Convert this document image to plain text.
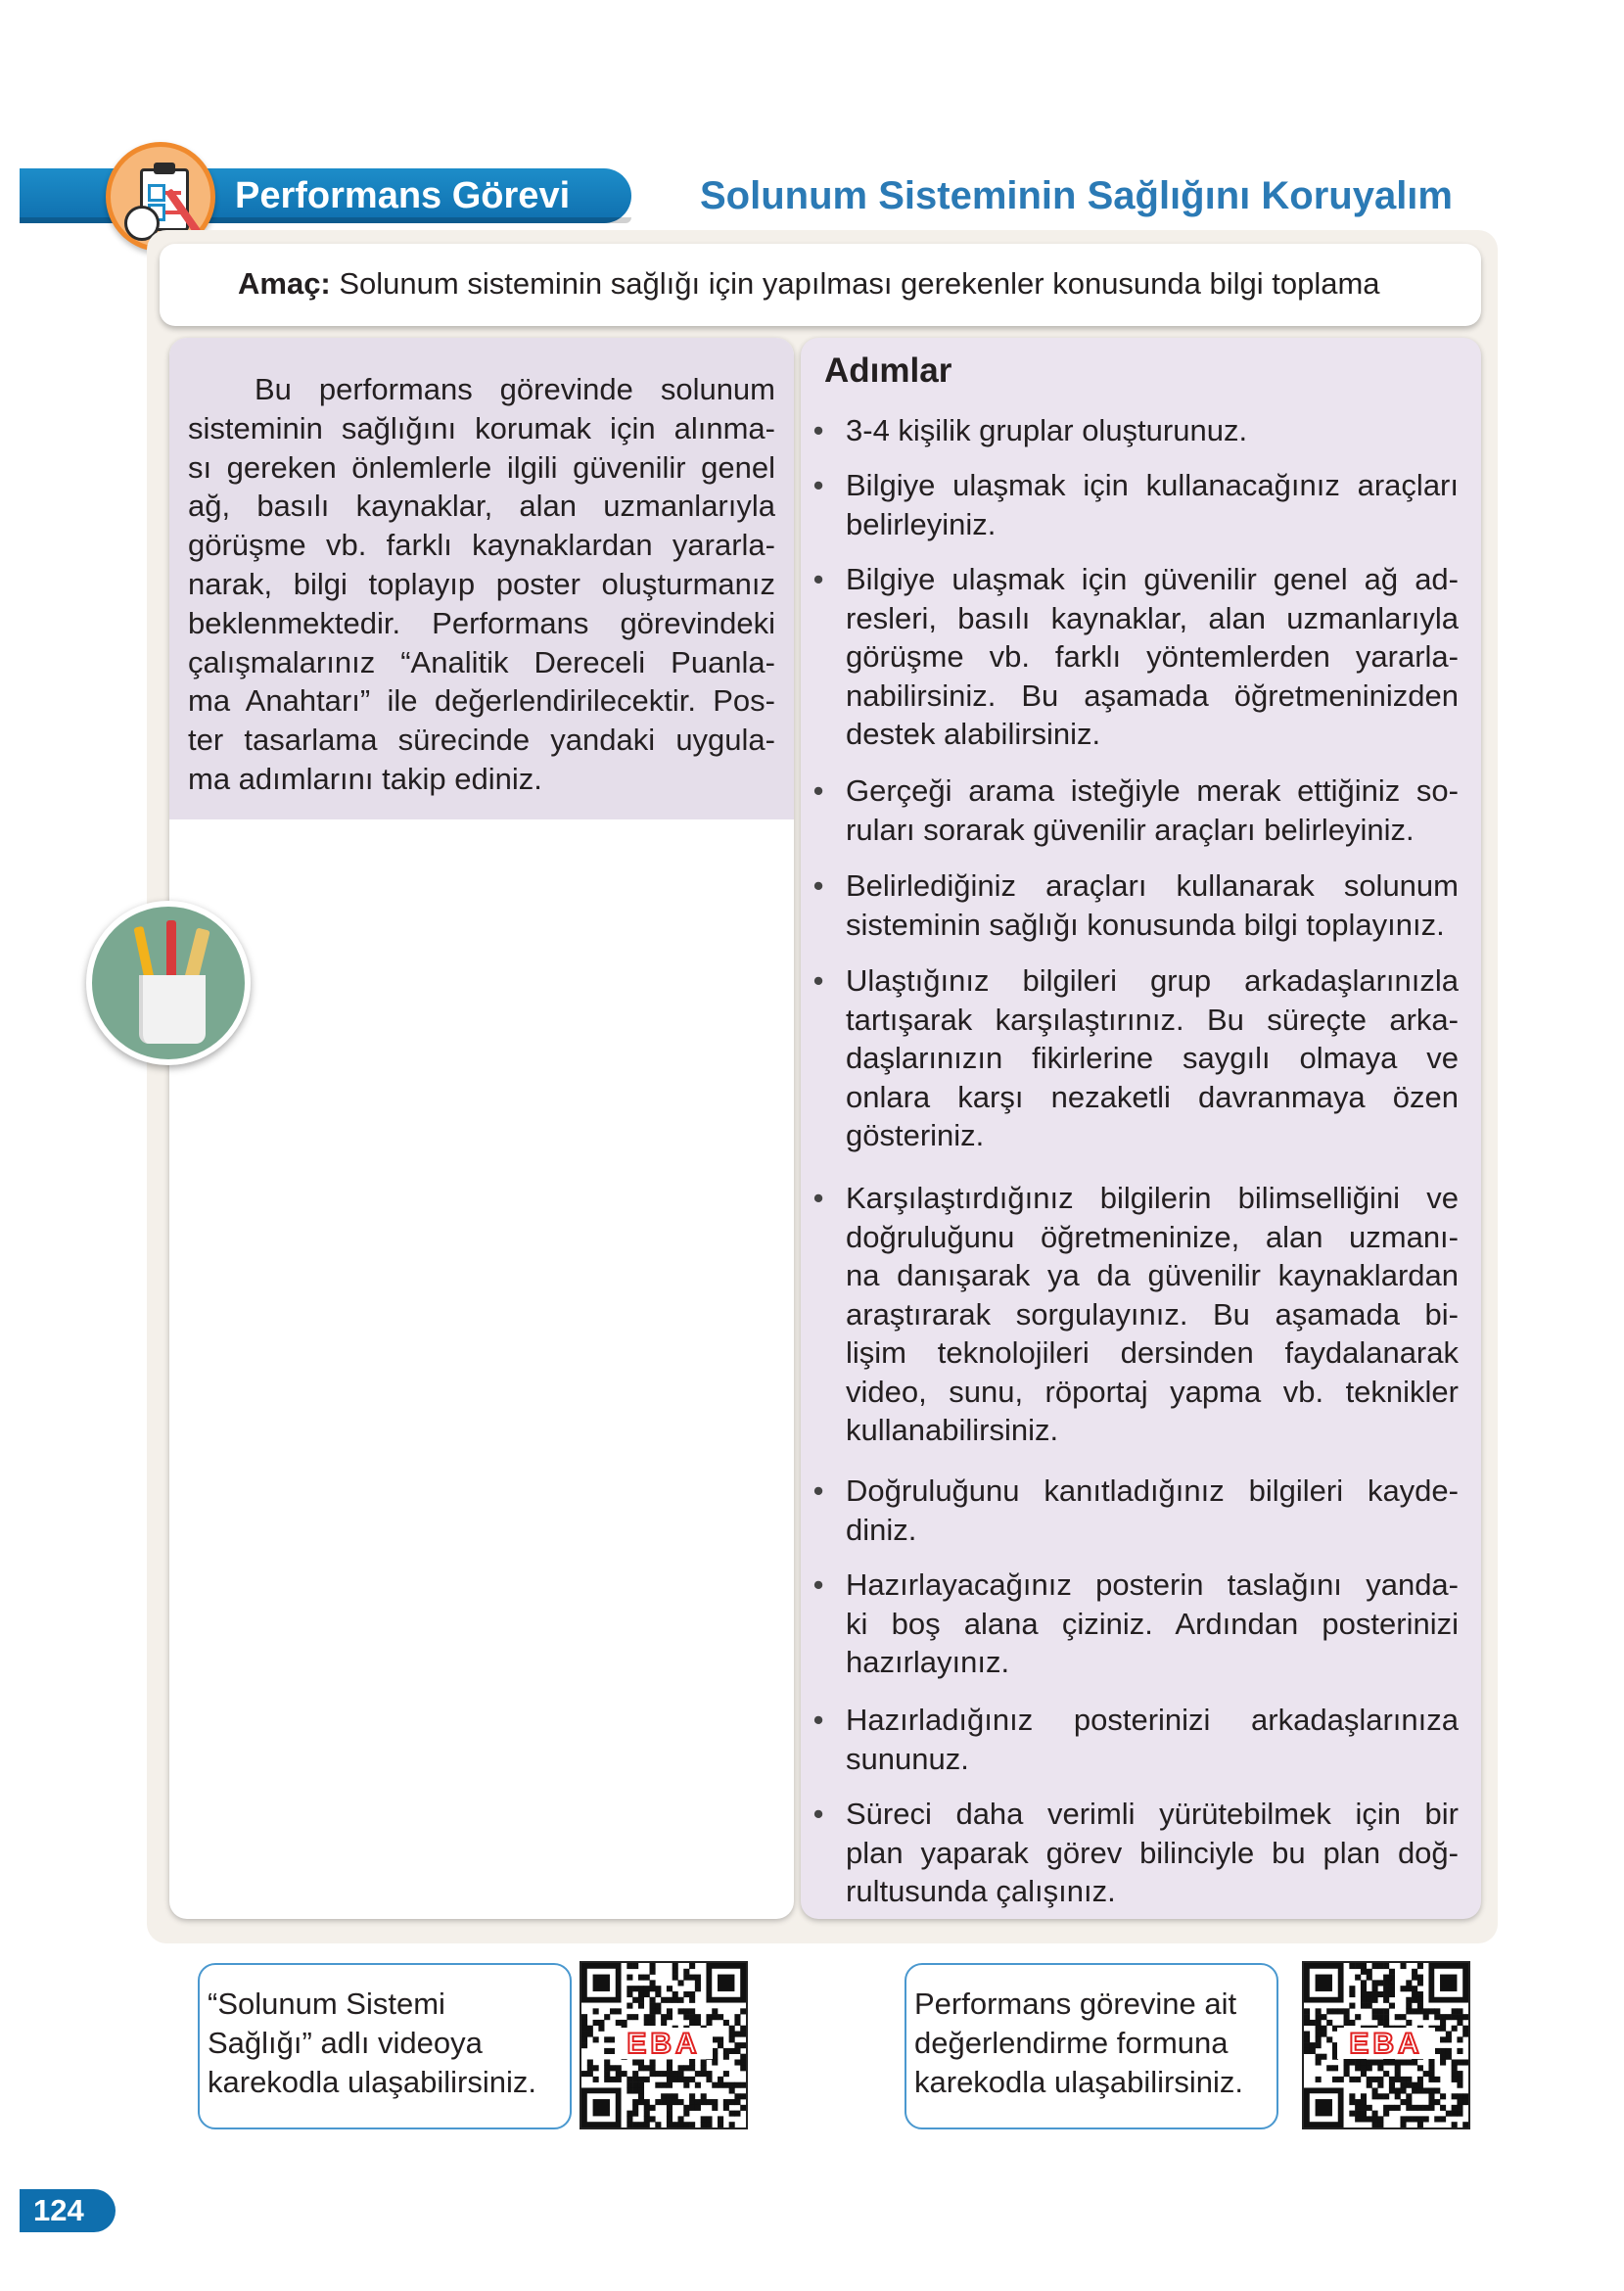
Performans Görevi	Solunum Sisteminin Sağlığını Koruyalım
Amaç: Solunum sisteminin sağlığı için yapılması gerekenler konusunda bilgi toplama
Bu performans görevinde solunum
sisteminin sağlığını korumak için alınma-
sı gereken önlemlerle ilgili güvenilir genel
ağ, basılı kaynaklar, alan uzmanlarıyla
görüşme vb. farklı kaynaklardan yararla-
narak, bilgi toplayıp poster oluşturmanız
beklenmektedir. Performans görevindeki
çalışmalarınız “Analitik Dereceli Puanla-
ma Anahtarı” ile değerlendirilecektir. Pos-
ter tasarlama sürecinde yandaki uygula-
ma adımlarını takip ediniz.
Adımlar
• 3-4 kişilik gruplar oluşturunuz.
• Bilgiye ulaşmak için kullanacağınız araçları
belirleyiniz.
• Bilgiye ulaşmak için güvenilir genel ağ ad-
resleri, basılı kaynaklar, alan uzmanlarıyla
görüşme vb. farklı yöntemlerden yararla-
nabilirsiniz. Bu aşamada öğretmeninizden
destek alabilirsiniz.
• Gerçeği arama isteğiyle merak ettiğiniz so-
ruları sorarak güvenilir araçları belirleyiniz.
• Belirlediğiniz araçları kullanarak solunum
sisteminin sağlığı konusunda bilgi toplayınız.
• Ulaştığınız bilgileri grup arkadaşlarınızla
tartışarak karşılaştırınız. Bu süreçte arka-
daşlarınızın fikirlerine saygılı olmaya ve
onlara karşı nezaketli davranmaya özen
gösteriniz.
• Karşılaştırdığınız bilgilerin bilimselliğini ve
doğruluğunu öğretmeninize, alan uzmanı-
na danışarak ya da güvenilir kaynaklardan
araştırarak sorgulayınız. Bu aşamada bi-
lişim teknolojileri dersinden faydalanarak
video, sunu, röportaj yapma vb. teknikler
kullanabilirsiniz.
• Doğruluğunu kanıtladığınız bilgileri kayde-
diniz.
• Hazırlayacağınız posterin taslağını yanda-
ki boş alana çiziniz. Ardından posterinizi
hazırlayınız.
• Hazırladığınız posterinizi arkadaşlarınıza
sununuz.
• Süreci daha verimli yürütebilmek için bir
plan yaparak görev bilinciyle bu plan doğ-
rultusunda çalışınız.
“Solunum Sistemi
Sağlığı” adlı videoya
karekodla ulaşabilirsiniz.
EBA
Performans görevine ait
değerlendirme formuna
karekodla ulaşabilirsiniz.
EBA
124
